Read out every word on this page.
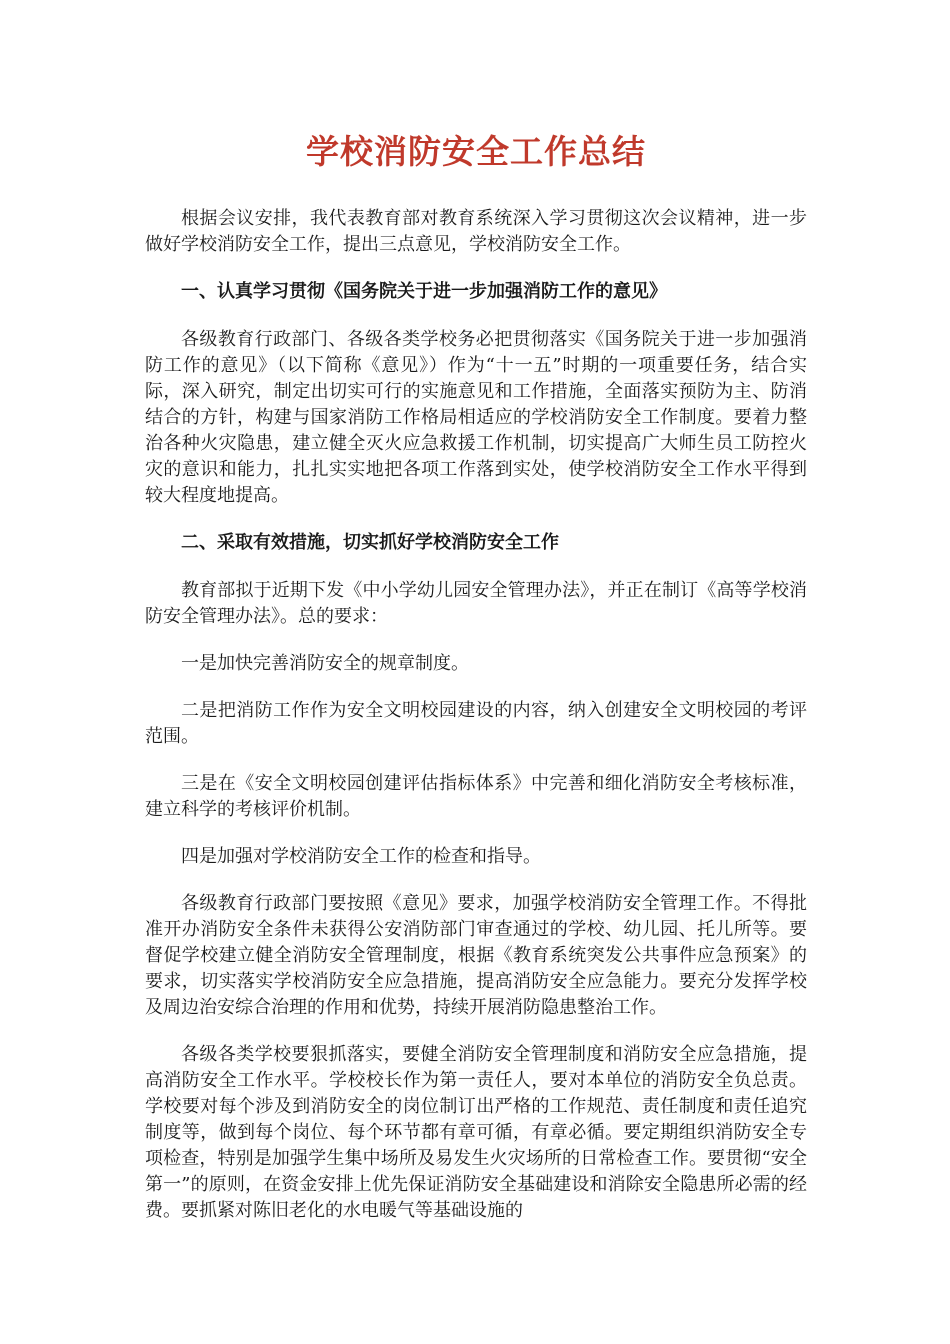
学校消防安全工作总结

根据会议安排，我代表教育部对教育系统深入学习贯彻这次会议精神，进一步做好学校消防安全工作，提出三点意见，学校消防安全工作。

一、认真学习贯彻《国务院关于进一步加强消防工作的意见》

各级教育行政部门、各级各类学校务必把贯彻落实《国务院关于进一步加强消防工作的意见》（以下简称《意见》）作为“十一五”时期的一项重要任务，结合实际，深入研究，制定出切实可行的实施意见和工作措施，全面落实预防为主、防消结合的方针，构建与国家消防工作格局相适应的学校消防安全工作制度。要着力整治各种火灾隐患，建立健全灭火应急救援工作机制，切实提高广大师生员工防控火灾的意识和能力，扎扎实实地把各项工作落到实处，使学校消防安全工作水平得到较大程度地提高。

二、采取有效措施，切实抓好学校消防安全工作

教育部拟于近期下发《中小学幼儿园安全管理办法》，并正在制订《高等学校消防安全管理办法》。总的要求：

一是加快完善消防安全的规章制度。

二是把消防工作作为安全文明校园建设的内容，纳入创建安全文明校园的考评范围。

三是在《安全文明校园创建评估指标体系》中完善和细化消防安全考核标准，建立科学的考核评价机制。

四是加强对学校消防安全工作的检查和指导。

各级教育行政部门要按照《意见》要求，加强学校消防安全管理工作。不得批准开办消防安全条件未获得公安消防部门审查通过的学校、幼儿园、托儿所等。要督促学校建立健全消防安全管理制度，根据《教育系统突发公共事件应急预案》的要求，切实落实学校消防安全应急措施，提高消防安全应急能力。要充分发挥学校及周边治安综合治理的作用和优势，持续开展消防隐患整治工作。

各级各类学校要狠抓落实，要健全消防安全管理制度和消防安全应急措施，提高消防安全工作水平。学校校长作为第一责任人，要对本单位的消防安全负总责。学校要对每个涉及到消防安全的岗位制订出严格的工作规范、责任制度和责任追究制度等，做到每个岗位、每个环节都有章可循，有章必循。要定期组织消防安全专项检查，特别是加强学生集中场所及易发生火灾场所的日常检查工作。要贯彻“安全第一”的原则，在资金安排上优先保证消防安全基础建设和消除安全隐患所必需的经费。要抓紧对陈旧老化的水电暖气等基础设施的
